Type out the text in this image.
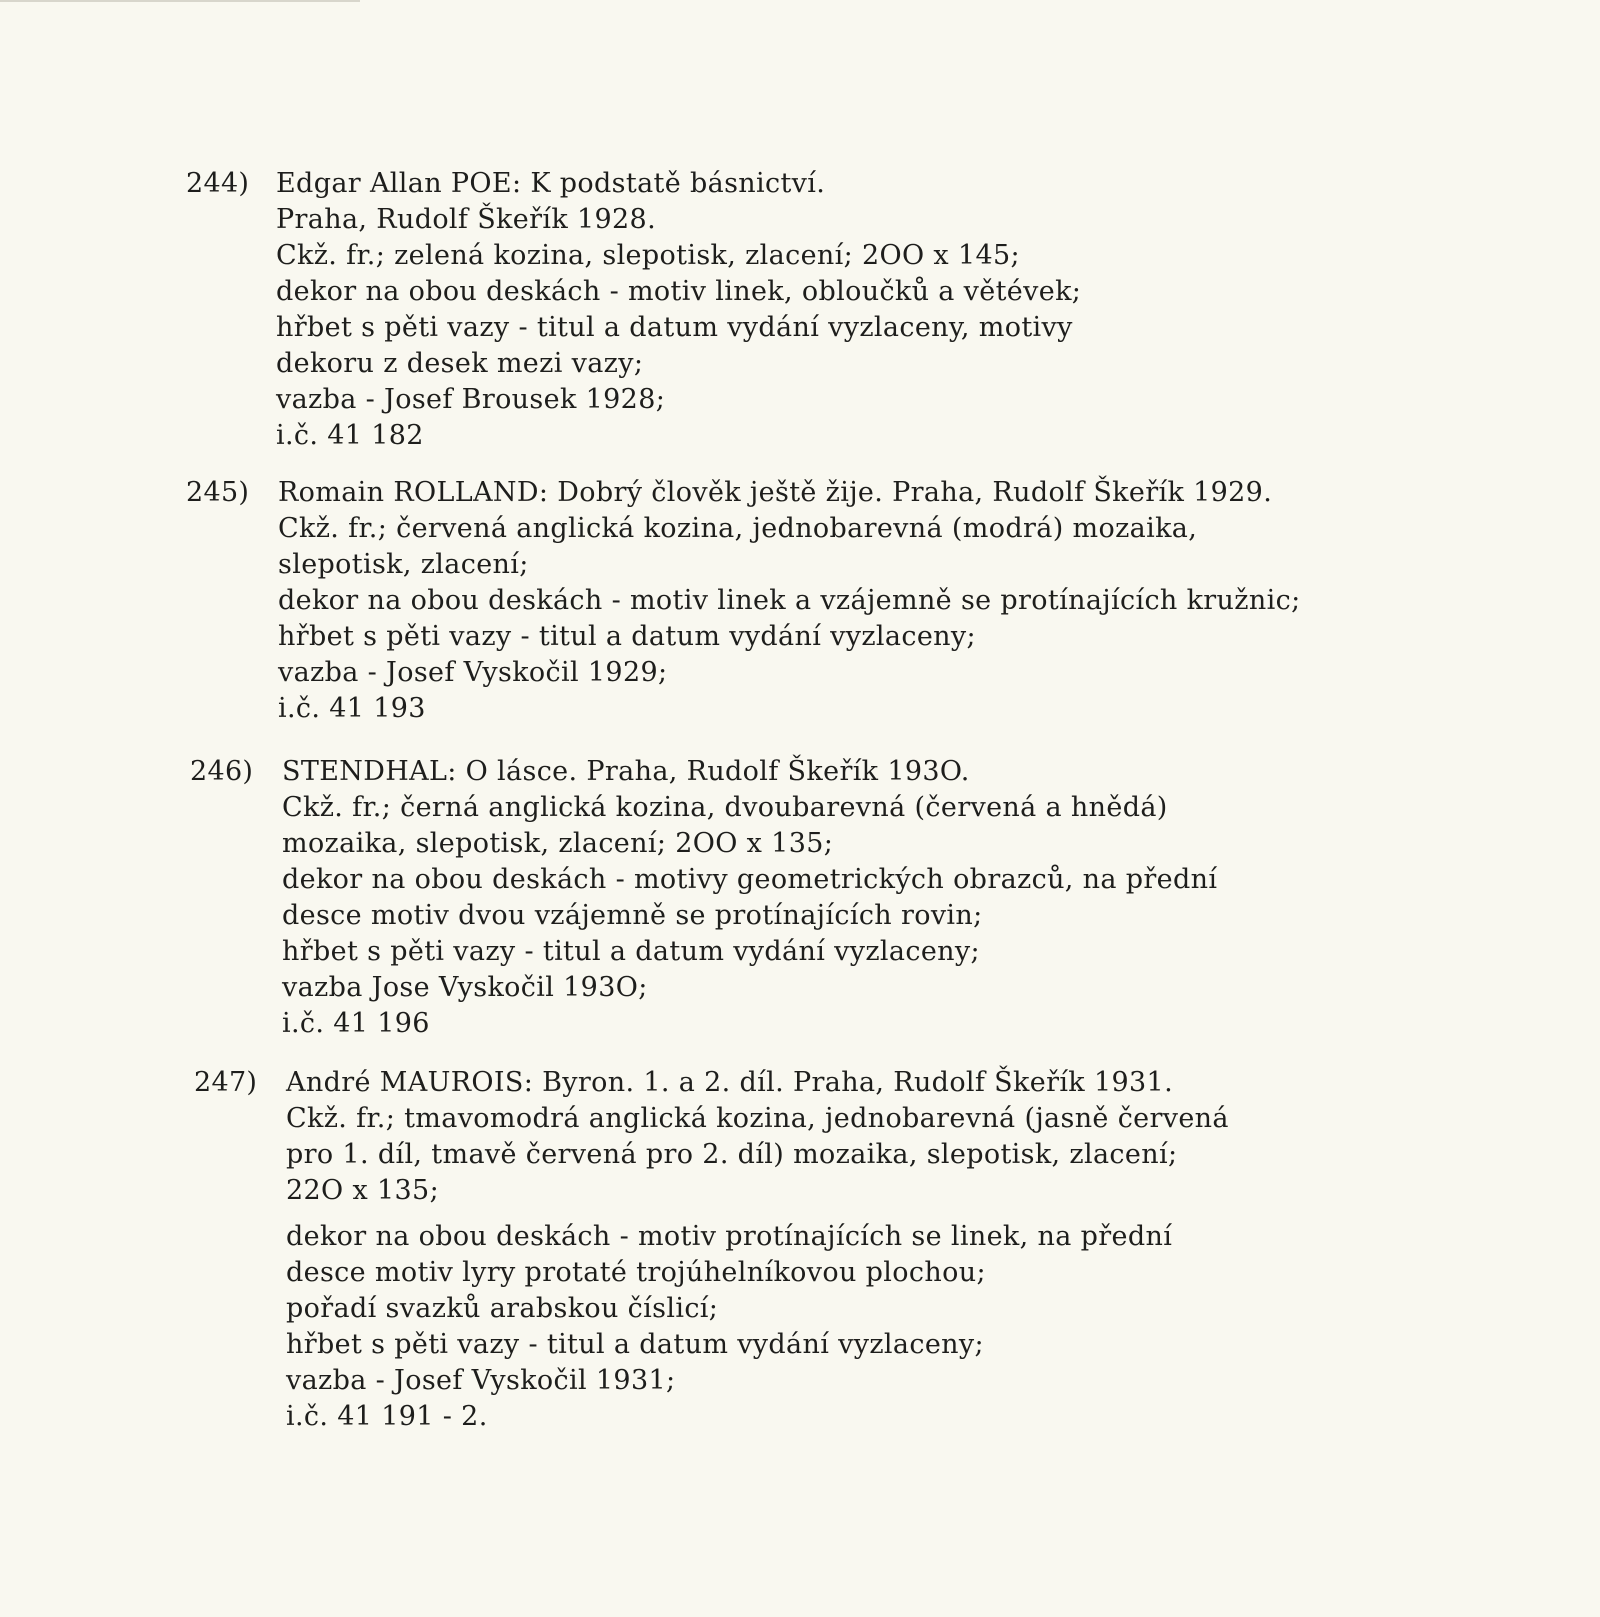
244) Edgar Allan POE: K podstatě básnictví.
Praha, Rudolf Škeřík 1928.
Ckž. fr.; zelená kozina, slepotisk, zlacení; 2OO x 145;
dekor na obou deskách - motiv linek, obloučků a větévek;
hřbet s pěti vazy - titul a datum vydání vyzlaceny, motivy
dekoru z desek mezi vazy;
vazba - Josef Brousek 1928;
i.č. 41 182
245) Romain ROLLAND: Dobrý člověk ještě žije. Praha, Rudolf Škeřík 1929.
Ckž. fr.; červená anglická kozina, jednobarevná (modrá) mozaika,
slepotisk, zlacení;
dekor na obou deskách - motiv linek a vzájemně se protínajících kružnic;
hřbet s pěti vazy - titul a datum vydání vyzlaceny;
vazba - Josef Vyskočil 1929;
i.č. 41 193
246) STENDHAL: O lásce. Praha, Rudolf Škeřík 193O.
Ckž. fr.; černá anglická kozina, dvoubarevná (červená a hnědá)
mozaika, slepotisk, zlacení; 2OO x 135;
dekor na obou deskách - motivy geometrických obrazců, na přední
desce motiv dvou vzájemně se protínajících rovin;
hřbet s pěti vazy - titul a datum vydání vyzlaceny;
vazba Jose Vyskočil 193O;
i.č. 41 196
247) André MAUROIS: Byron. 1. a 2. díl. Praha, Rudolf Škeřík 1931.
Ckž. fr.; tmavomodrá anglická kozina, jednobarevná (jasně červená
pro 1. díl, tmavě červená pro 2. díl) mozaika, slepotisk, zlacení;
22O x 135;
dekor na obou deskách - motiv protínajících se linek, na přední
desce motiv lyry protaté trojúhelníkovou plochou;
pořadí svazků arabskou číslicí;
hřbet s pěti vazy - titul a datum vydání vyzlaceny;
vazba - Josef Vyskočil 1931;
i.č. 41 191 - 2.
